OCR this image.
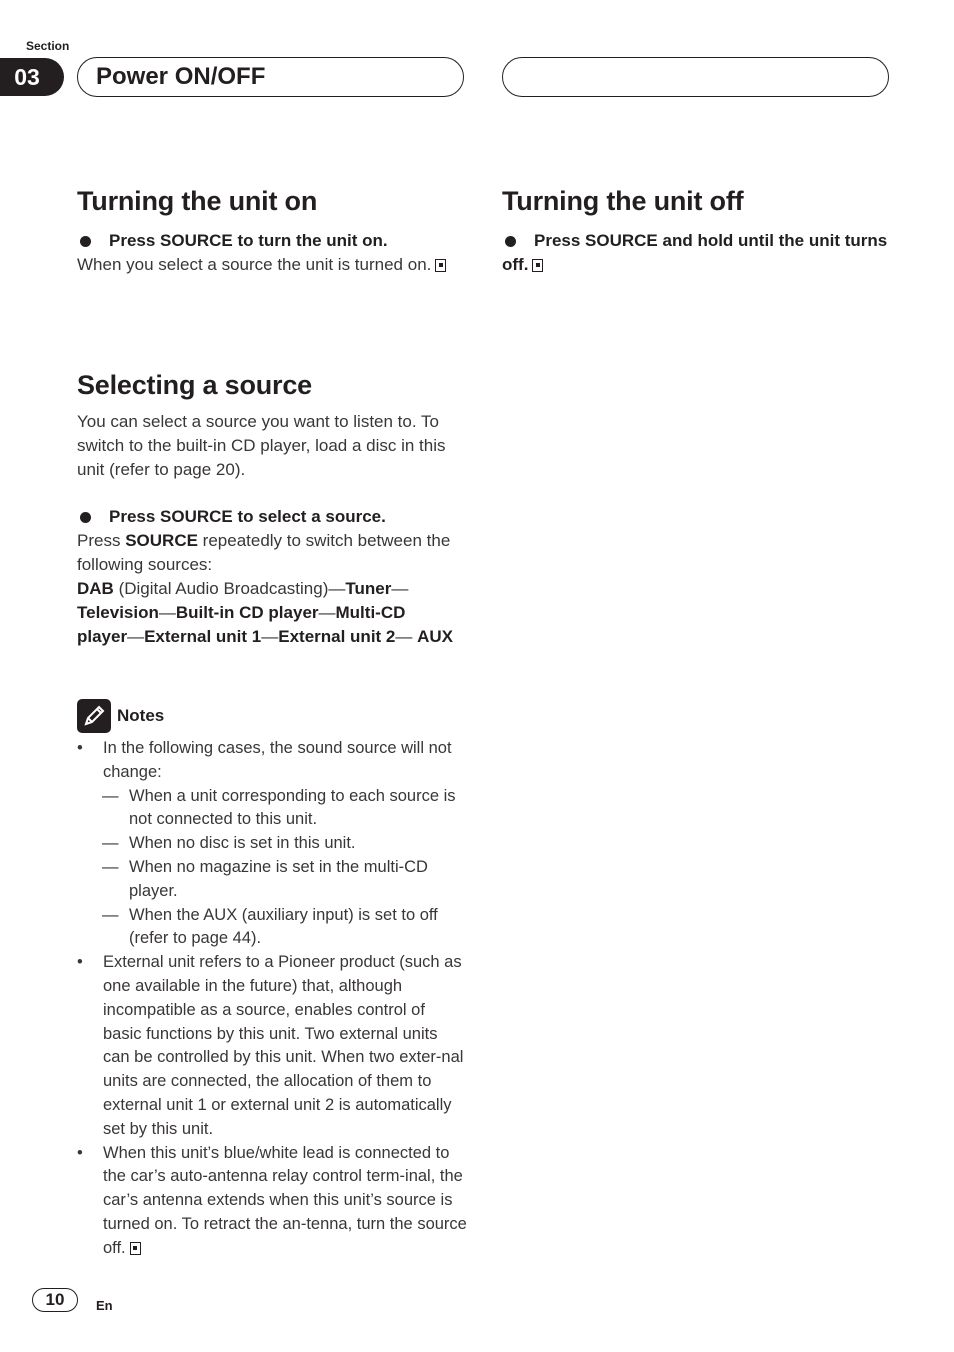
Section
03	Power ON/OFF
Turning the unit on
Press SOURCE to turn the unit on.
When you select a source the unit is turned on.
Turning the unit off
Press SOURCE and hold until the unit turns off.
Selecting a source
You can select a source you want to listen to. To switch to the built-in CD player, load a disc in this unit (refer to page 20).
Press SOURCE to select a source.
Press SOURCE repeatedly to switch between the following sources:
DAB (Digital Audio Broadcasting)—Tuner— Television—Built-in CD player—Multi-CD player—External unit 1—External unit 2— AUX
Notes
• In the following cases, the sound source will not change:
— When a unit corresponding to each source is not connected to this unit.
— When no disc is set in this unit.
— When no magazine is set in the multi-CD player.
— When the AUX (auxiliary input) is set to off (refer to page 44).
• External unit refers to a Pioneer product (such as one available in the future) that, although incompatible as a source, enables control of basic functions by this unit. Two external units can be controlled by this unit. When two exter-nal units are connected, the allocation of them to external unit 1 or external unit 2 is automatically set by this unit.
• When this unit’s blue/white lead is connected to the car’s auto-antenna relay control term-inal, the car’s antenna extends when this unit’s source is turned on. To retract the an-tenna, turn the source off.
10	En
